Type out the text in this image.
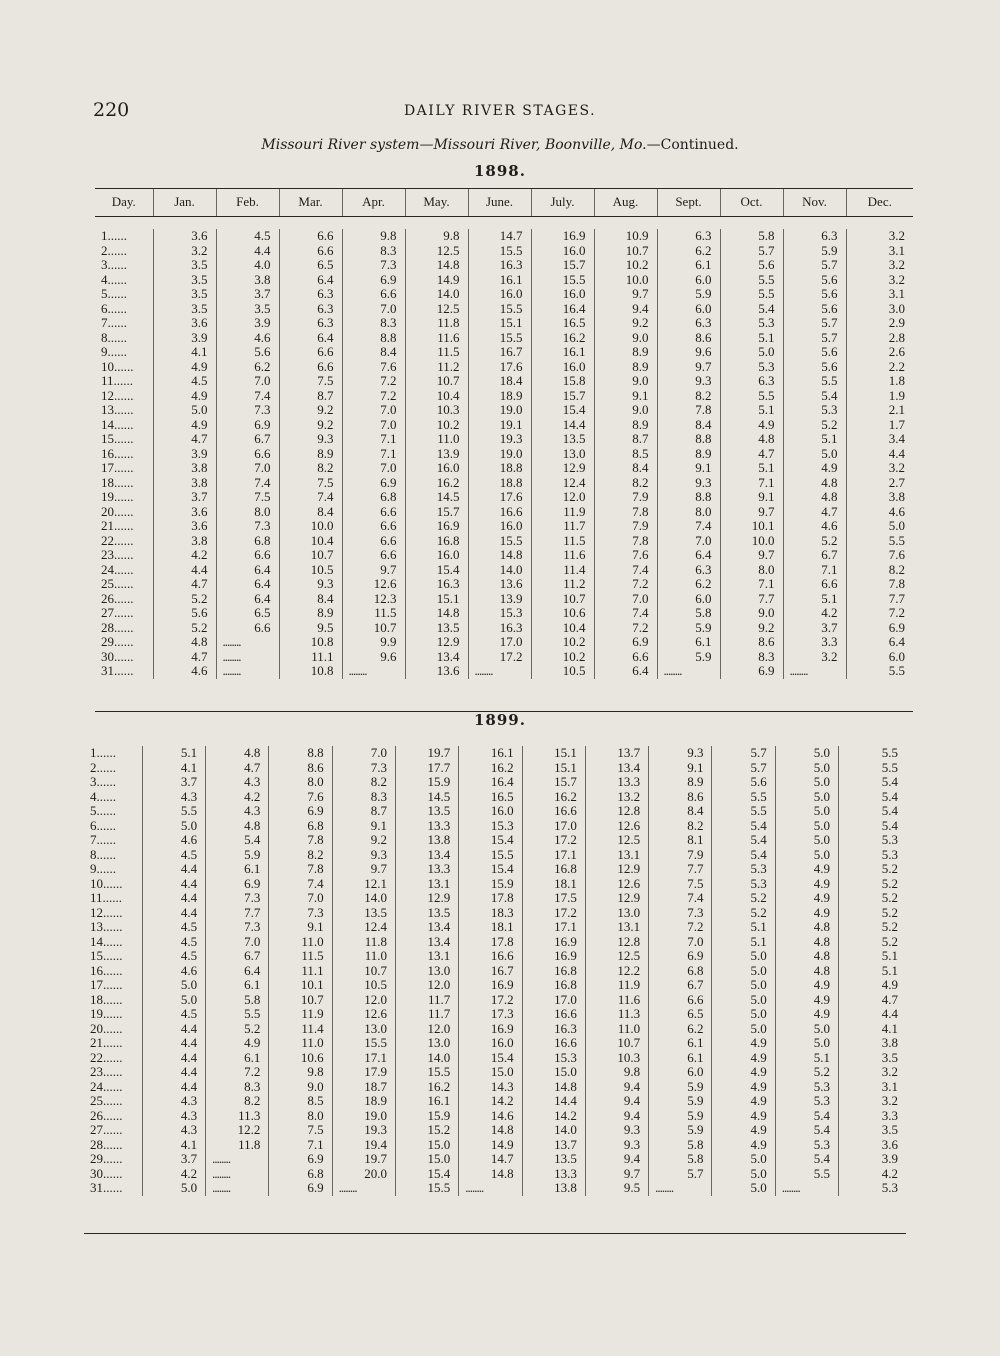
220	DAILY RIVER STAGES.
Missouri River system—Missouri River, Boonville, Mo.—Continued.
1898.
Day.	Jan.	Feb.	Mar.	Apr.	May.	June.	July.	Aug.	Sept.	Oct.	Nov.	Dec.

1......	3.6	4.5	6.6	9.8	9.8	14.7	16.9	10.9	6.3	5.8	6.3	3.2
2......	3.2	4.4	6.6	8.3	12.5	15.5	16.0	10.7	6.2	5.7	5.9	3.1
3......	3.5	4.0	6.5	7.3	14.8	16.3	15.7	10.2	6.1	5.6	5.7	3.2
4......	3.5	3.8	6.4	6.9	14.9	16.1	15.5	10.0	6.0	5.5	5.6	3.2
5......	3.5	3.7	6.3	6.6	14.0	16.0	16.0	9.7	5.9	5.5	5.6	3.1
6......	3.5	3.5	6.3	7.0	12.5	15.5	16.4	9.4	6.0	5.4	5.6	3.0
7......	3.6	3.9	6.3	8.3	11.8	15.1	16.5	9.2	6.3	5.3	5.7	2.9
8......	3.9	4.6	6.4	8.8	11.6	15.5	16.2	9.0	8.6	5.1	5.7	2.8
9......	4.1	5.6	6.6	8.4	11.5	16.7	16.1	8.9	9.6	5.0	5.6	2.6
10......	4.9	6.2	6.6	7.6	11.2	17.6	16.0	8.9	9.7	5.3	5.6	2.2
11......	4.5	7.0	7.5	7.2	10.7	18.4	15.8	9.0	9.3	6.3	5.5	1.8
12......	4.9	7.4	8.7	7.2	10.4	18.9	15.7	9.1	8.2	5.5	5.4	1.9
13......	5.0	7.3	9.2	7.0	10.3	19.0	15.4	9.0	7.8	5.1	5.3	2.1
14......	4.9	6.9	9.2	7.0	10.2	19.1	14.4	8.9	8.4	4.9	5.2	1.7
15......	4.7	6.7	9.3	7.1	11.0	19.3	13.5	8.7	8.8	4.8	5.1	3.4
16......	3.9	6.6	8.9	7.1	13.9	19.0	13.0	8.5	8.9	4.7	5.0	4.4
17......	3.8	7.0	8.2	7.0	16.0	18.8	12.9	8.4	9.1	5.1	4.9	3.2
18......	3.8	7.4	7.5	6.9	16.2	18.8	12.4	8.2	9.3	7.1	4.8	2.7
19......	3.7	7.5	7.4	6.8	14.5	17.6	12.0	7.9	8.8	9.1	4.8	3.8
20......	3.6	8.0	8.4	6.6	15.7	16.6	11.9	7.8	8.0	9.7	4.7	4.6
21......	3.6	7.3	10.0	6.6	16.9	16.0	11.7	7.9	7.4	10.1	4.6	5.0
22......	3.8	6.8	10.4	6.6	16.8	15.5	11.5	7.8	7.0	10.0	5.2	5.5
23......	4.2	6.6	10.7	6.6	16.0	14.8	11.6	7.6	6.4	9.7	6.7	7.6
24......	4.4	6.4	10.5	9.7	15.4	14.0	11.4	7.4	6.3	8.0	7.1	8.2
25......	4.7	6.4	9.3	12.6	16.3	13.6	11.2	7.2	6.2	7.1	6.6	7.8
26......	5.2	6.4	8.4	12.3	15.1	13.9	10.7	7.0	6.0	7.7	5.1	7.7
27......	5.6	6.5	8.9	11.5	14.8	15.3	10.6	7.4	5.8	9.0	4.2	7.2
28......	5.2	6.6	9.5	10.7	13.5	16.3	10.4	7.2	5.9	9.2	3.7	6.9
29......	4.8	........	10.8	9.9	12.9	17.0	10.2	6.9	6.1	8.6	3.3	6.4
30......	4.7	........	11.1	9.6	13.4	17.2	10.2	6.6	5.9	8.3	3.2	6.0
31......	4.6	........	10.8	........	13.6	........	10.5	6.4	........	6.9	........	5.5
1899.
1......	5.1	4.8	8.8	7.0	19.7	16.1	15.1	13.7	9.3	5.7	5.0	5.5
2......	4.1	4.7	8.6	7.3	17.7	16.2	15.1	13.4	9.1	5.7	5.0	5.5
3......	3.7	4.3	8.0	8.2	15.9	16.4	15.7	13.3	8.9	5.6	5.0	5.4
4......	4.3	4.2	7.6	8.3	14.5	16.5	16.2	13.2	8.6	5.5	5.0	5.4
5......	5.5	4.3	6.9	8.7	13.5	16.0	16.6	12.8	8.4	5.5	5.0	5.4
6......	5.0	4.8	6.8	9.1	13.3	15.3	17.0	12.6	8.2	5.4	5.0	5.4
7......	4.6	5.4	7.8	9.2	13.8	15.4	17.2	12.5	8.1	5.4	5.0	5.3
8......	4.5	5.9	8.2	9.3	13.4	15.5	17.1	13.1	7.9	5.4	5.0	5.3
9......	4.4	6.1	7.8	9.7	13.3	15.4	16.8	12.9	7.7	5.3	4.9	5.2
10......	4.4	6.9	7.4	12.1	13.1	15.9	18.1	12.6	7.5	5.3	4.9	5.2
11......	4.4	7.3	7.0	14.0	12.9	17.8	17.5	12.9	7.4	5.2	4.9	5.2
12......	4.4	7.7	7.3	13.5	13.5	18.3	17.2	13.0	7.3	5.2	4.9	5.2
13......	4.5	7.3	9.1	12.4	13.4	18.1	17.1	13.1	7.2	5.1	4.8	5.2
14......	4.5	7.0	11.0	11.8	13.4	17.8	16.9	12.8	7.0	5.1	4.8	5.2
15......	4.5	6.7	11.5	11.0	13.1	16.6	16.9	12.5	6.9	5.0	4.8	5.1
16......	4.6	6.4	11.1	10.7	13.0	16.7	16.8	12.2	6.8	5.0	4.8	5.1
17......	5.0	6.1	10.1	10.5	12.0	16.9	16.8	11.9	6.7	5.0	4.9	4.9
18......	5.0	5.8	10.7	12.0	11.7	17.2	17.0	11.6	6.6	5.0	4.9	4.7
19......	4.5	5.5	11.9	12.6	11.7	17.3	16.6	11.3	6.5	5.0	4.9	4.4
20......	4.4	5.2	11.4	13.0	12.0	16.9	16.3	11.0	6.2	5.0	5.0	4.1
21......	4.4	4.9	11.0	15.5	13.0	16.0	16.6	10.7	6.1	4.9	5.0	3.8
22......	4.4	6.1	10.6	17.1	14.0	15.4	15.3	10.3	6.1	4.9	5.1	3.5
23......	4.4	7.2	9.8	17.9	15.5	15.0	15.0	9.8	6.0	4.9	5.2	3.2
24......	4.4	8.3	9.0	18.7	16.2	14.3	14.8	9.4	5.9	4.9	5.3	3.1
25......	4.3	8.2	8.5	18.9	16.1	14.2	14.4	9.4	5.9	4.9	5.3	3.2
26......	4.3	11.3	8.0	19.0	15.9	14.6	14.2	9.4	5.9	4.9	5.4	3.3
27......	4.3	12.2	7.5	19.3	15.2	14.8	14.0	9.3	5.9	4.9	5.4	3.5
28......	4.1	11.8	7.1	19.4	15.0	14.9	13.7	9.3	5.8	4.9	5.3	3.6
29......	3.7	........	6.9	19.7	15.0	14.7	13.5	9.4	5.8	5.0	5.4	3.9
30......	4.2	........	6.8	20.0	15.4	14.8	13.3	9.7	5.7	5.0	5.5	4.2
31......	5.0	........	6.9	........	15.5	........	13.8	9.5	........	5.0	........	5.3
